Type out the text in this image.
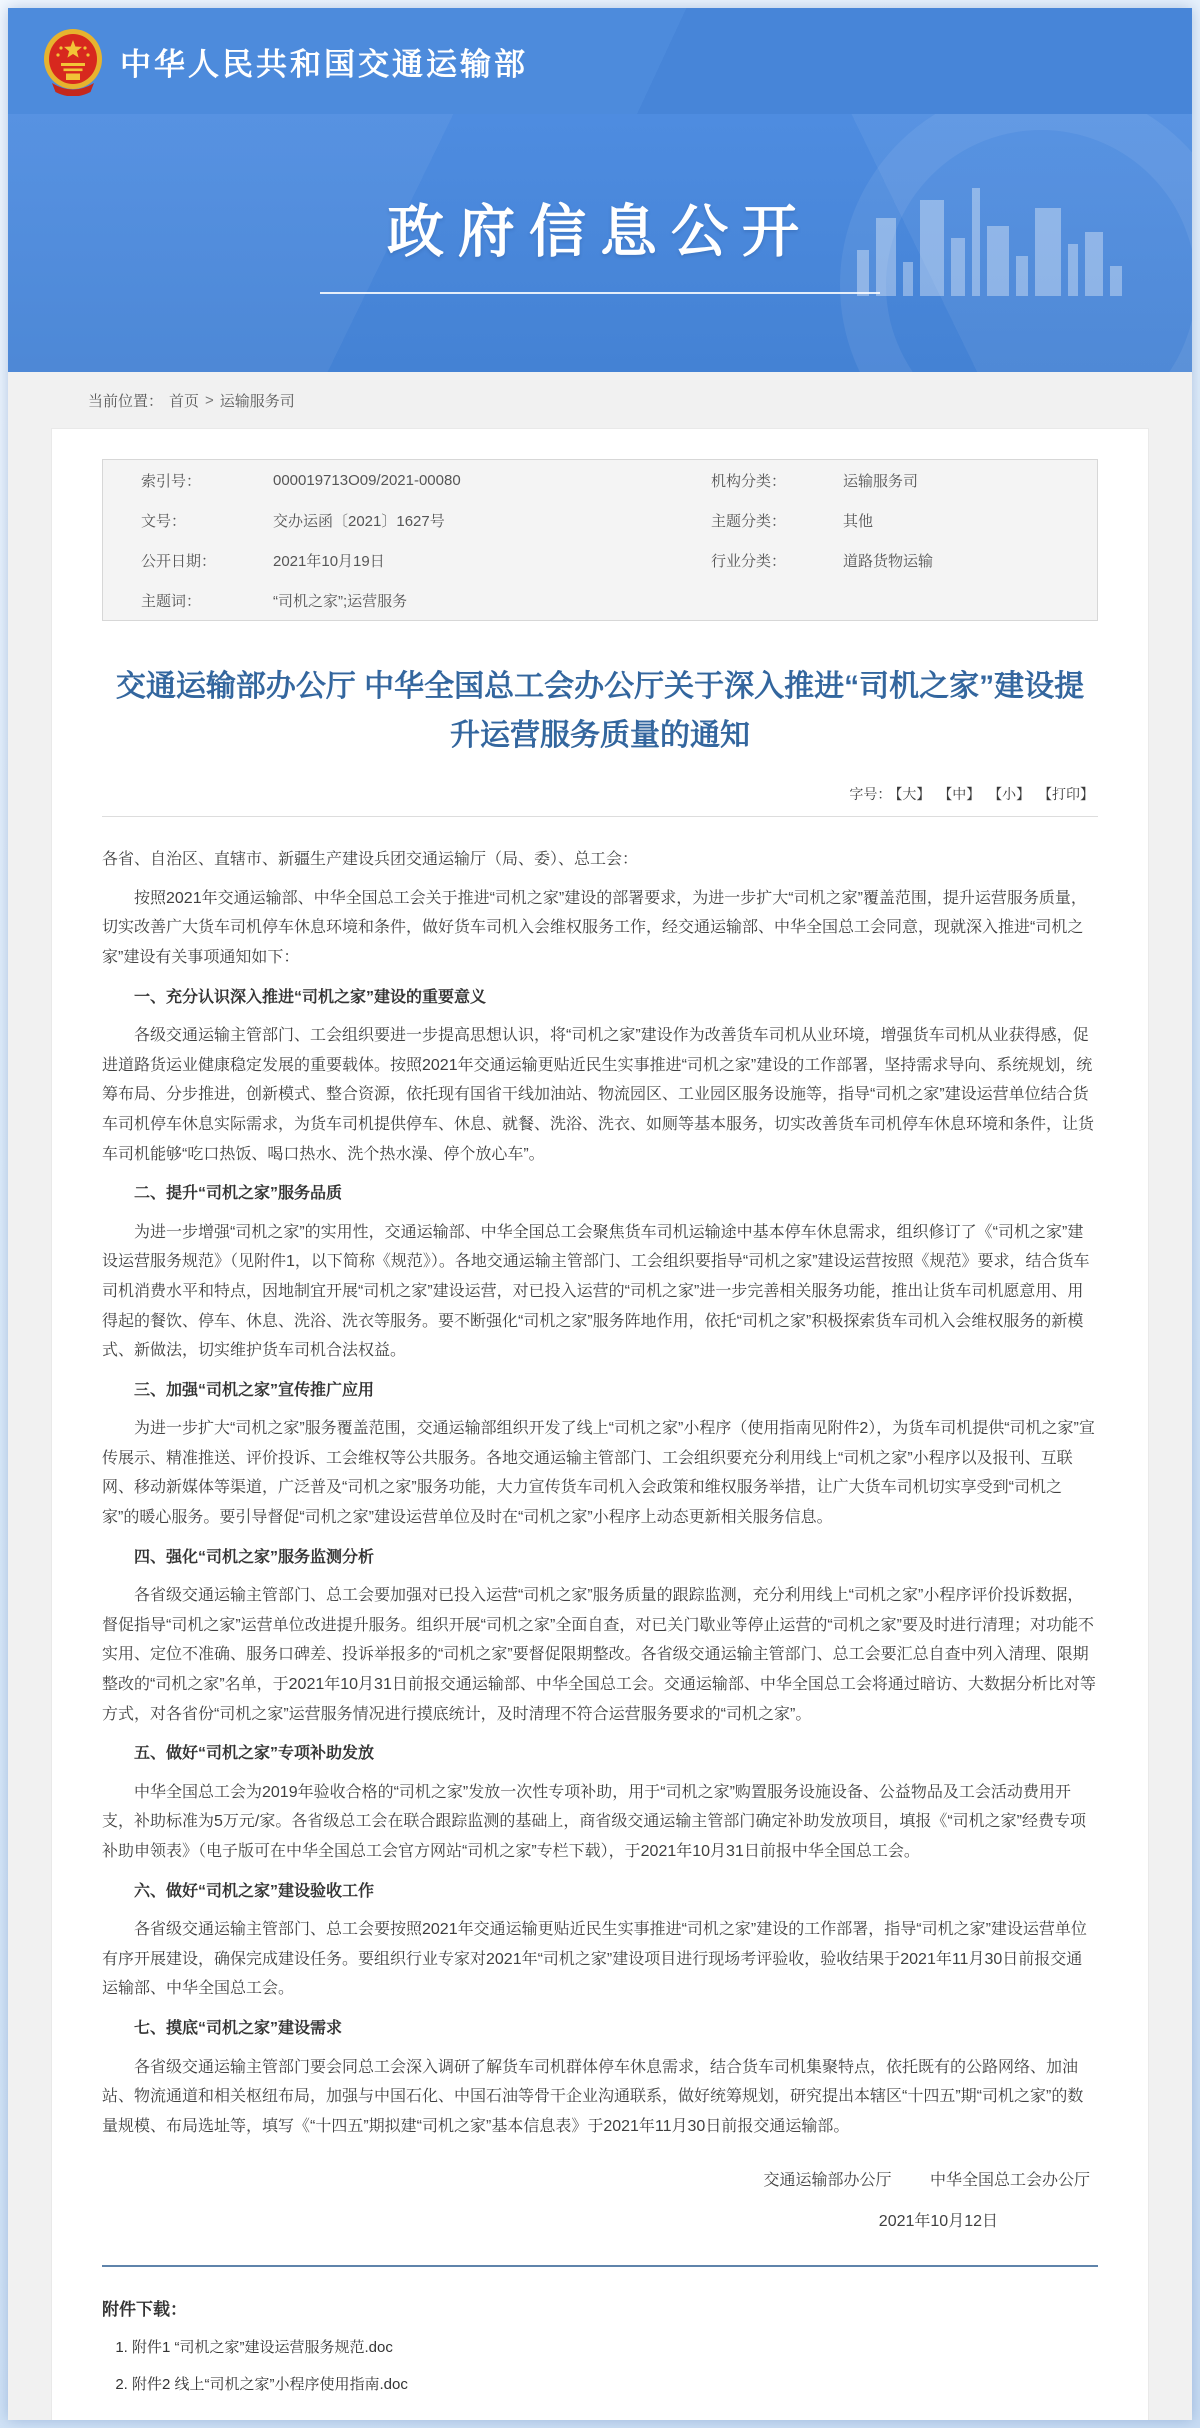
中华人民共和国交通运输部
政府信息公开
当前位置： 首页 > 运输服务司
索引号：	000019713O09/2021-00080	机构分类：	运输服务司
文号：	交办运函〔2021〕1627号	主题分类：	其他
公开日期：	2021年10月19日	行业分类：	道路货物运输
主题词：	“司机之家”;运营服务
交通运输部办公厅 中华全国总工会办公厅关于深入推进“司机之家”建设提升运营服务质量的通知
字号： 【大】 【中】 【小】 【打印】

各省、自治区、直辖市、新疆生产建设兵团交通运输厅（局、委）、总工会：

按照2021年交通运输部、中华全国总工会关于推进“司机之家”建设的部署要求，为进一步扩大“司机之家”覆盖范围，提升运营服务质量，切实改善广大货车司机停车休息环境和条件，做好货车司机入会维权服务工作，经交通运输部、中华全国总工会同意，现就深入推进“司机之家”建设有关事项通知如下：

一、充分认识深入推进“司机之家”建设的重要意义

各级交通运输主管部门、工会组织要进一步提高思想认识，将“司机之家”建设作为改善货车司机从业环境，增强货车司机从业获得感，促进道路货运业健康稳定发展的重要载体。按照2021年交通运输更贴近民生实事推进“司机之家”建设的工作部署，坚持需求导向、系统规划，统筹布局、分步推进，创新模式、整合资源，依托现有国省干线加油站、物流园区、工业园区服务设施等，指导“司机之家”建设运营单位结合货车司机停车休息实际需求，为货车司机提供停车、休息、就餐、洗浴、洗衣、如厕等基本服务，切实改善货车司机停车休息环境和条件，让货车司机能够“吃口热饭、喝口热水、洗个热水澡、停个放心车”。

二、提升“司机之家”服务品质

为进一步增强“司机之家”的实用性，交通运输部、中华全国总工会聚焦货车司机运输途中基本停车休息需求，组织修订了《“司机之家”建设运营服务规范》（见附件1，以下简称《规范》）。各地交通运输主管部门、工会组织要指导“司机之家”建设运营按照《规范》要求，结合货车司机消费水平和特点，因地制宜开展“司机之家”建设运营，对已投入运营的“司机之家”进一步完善相关服务功能，推出让货车司机愿意用、用得起的餐饮、停车、休息、洗浴、洗衣等服务。要不断强化“司机之家”服务阵地作用，依托“司机之家”积极探索货车司机入会维权服务的新模式、新做法，切实维护货车司机合法权益。

三、加强“司机之家”宣传推广应用

为进一步扩大“司机之家”服务覆盖范围，交通运输部组织开发了线上“司机之家”小程序（使用指南见附件2），为货车司机提供“司机之家”宣传展示、精准推送、评价投诉、工会维权等公共服务。各地交通运输主管部门、工会组织要充分利用线上“司机之家”小程序以及报刊、互联网、移动新媒体等渠道，广泛普及“司机之家”服务功能，大力宣传货车司机入会政策和维权服务举措，让广大货车司机切实享受到“司机之家”的暖心服务。要引导督促“司机之家”建设运营单位及时在“司机之家”小程序上动态更新相关服务信息。

四、强化“司机之家”服务监测分析

各省级交通运输主管部门、总工会要加强对已投入运营“司机之家”服务质量的跟踪监测，充分利用线上“司机之家”小程序评价投诉数据，督促指导“司机之家”运营单位改进提升服务。组织开展“司机之家”全面自查，对已关门歇业等停止运营的“司机之家”要及时进行清理；对功能不实用、定位不准确、服务口碑差、投诉举报多的“司机之家”要督促限期整改。各省级交通运输主管部门、总工会要汇总自查中列入清理、限期整改的“司机之家”名单，于2021年10月31日前报交通运输部、中华全国总工会。交通运输部、中华全国总工会将通过暗访、大数据分析比对等方式，对各省份“司机之家”运营服务情况进行摸底统计，及时清理不符合运营服务要求的“司机之家”。

五、做好“司机之家”专项补助发放

中华全国总工会为2019年验收合格的“司机之家”发放一次性专项补助，用于“司机之家”购置服务设施设备、公益物品及工会活动费用开支，补助标准为5万元/家。各省级总工会在联合跟踪监测的基础上，商省级交通运输主管部门确定补助发放项目，填报《“司机之家”经费专项补助申领表》（电子版可在中华全国总工会官方网站“司机之家”专栏下载），于2021年10月31日前报中华全国总工会。

六、做好“司机之家”建设验收工作

各省级交通运输主管部门、总工会要按照2021年交通运输更贴近民生实事推进“司机之家”建设的工作部署，指导“司机之家”建设运营单位有序开展建设，确保完成建设任务。要组织行业专家对2021年“司机之家”建设项目进行现场考评验收，验收结果于2021年11月30日前报交通运输部、中华全国总工会。

七、摸底“司机之家”建设需求

各省级交通运输主管部门要会同总工会深入调研了解货车司机群体停车休息需求，结合货车司机集聚特点，依托既有的公路网络、加油站、物流通道和相关枢纽布局，加强与中国石化、中国石油等骨干企业沟通联系，做好统筹规划，研究提出本辖区“十四五”期“司机之家”的数量规模、布局选址等，填写《“十四五”期拟建“司机之家”基本信息表》于2021年11月30日前报交通运输部。

交通运输部办公厅 中华全国总工会办公厅
2021年10月12日
附件下载：
1. 附件1 “司机之家”建设运营服务规范.doc
2. 附件2 线上“司机之家”小程序使用指南.doc
